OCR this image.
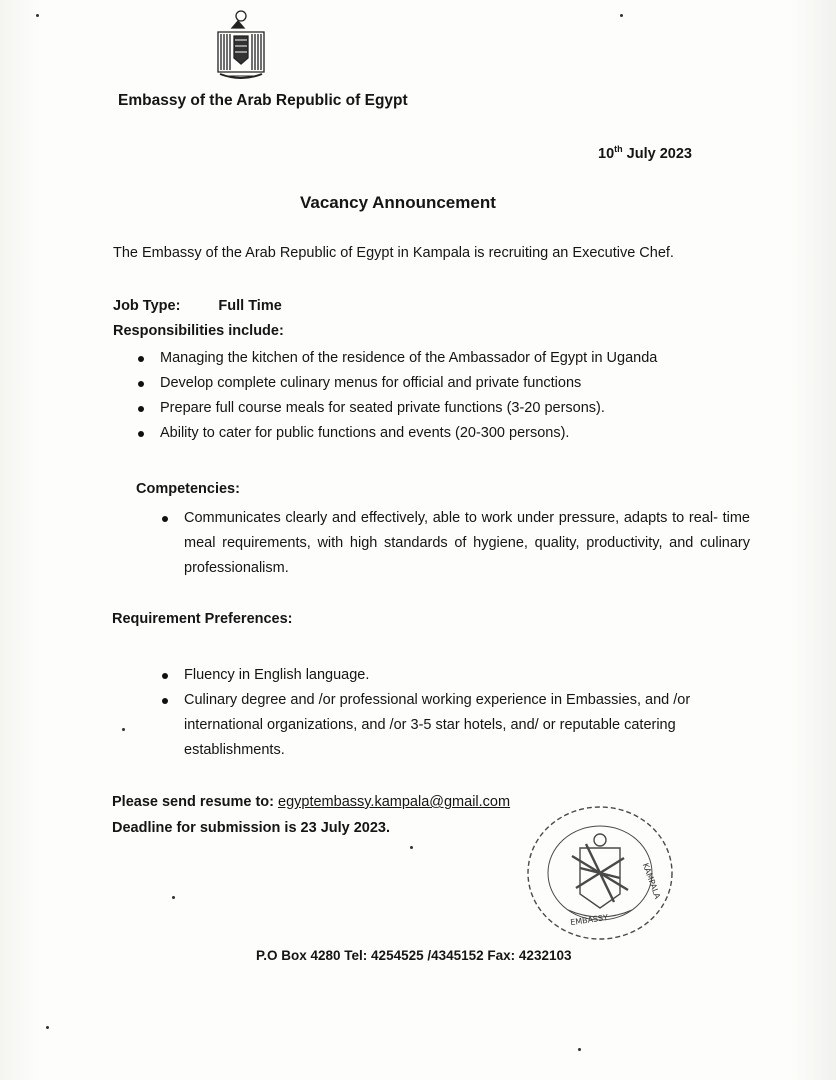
Embassy of the Arab Republic of Egypt
10th July 2023
Vacancy Announcement
The Embassy of the Arab Republic of Egypt in Kampala is recruiting an Executive Chef.
Job Type:	Full Time
Responsibilities include:
Managing the kitchen of the residence of the Ambassador of Egypt in Uganda
Develop complete culinary menus for official and private functions
Prepare full course meals for seated private functions (3-20 persons).
Ability to cater for public functions and events (20-300 persons).
Competencies:
Communicates clearly and effectively, able to work under pressure, adapts to real- time meal requirements, with high standards of hygiene, quality, productivity, and culinary professionalism.
Requirement Preferences:
Fluency in English language.
Culinary degree and /or professional working experience in Embassies, and /or international organizations, and /or 3-5 star hotels, and/ or reputable catering establishments.
Please send resume to: egyptembassy.kampala@gmail.com
Deadline for submission is 23 July 2023.
EMBASSY
KAMPALA
P.O Box 4280 Tel: 4254525 /4345152 Fax: 4232103
